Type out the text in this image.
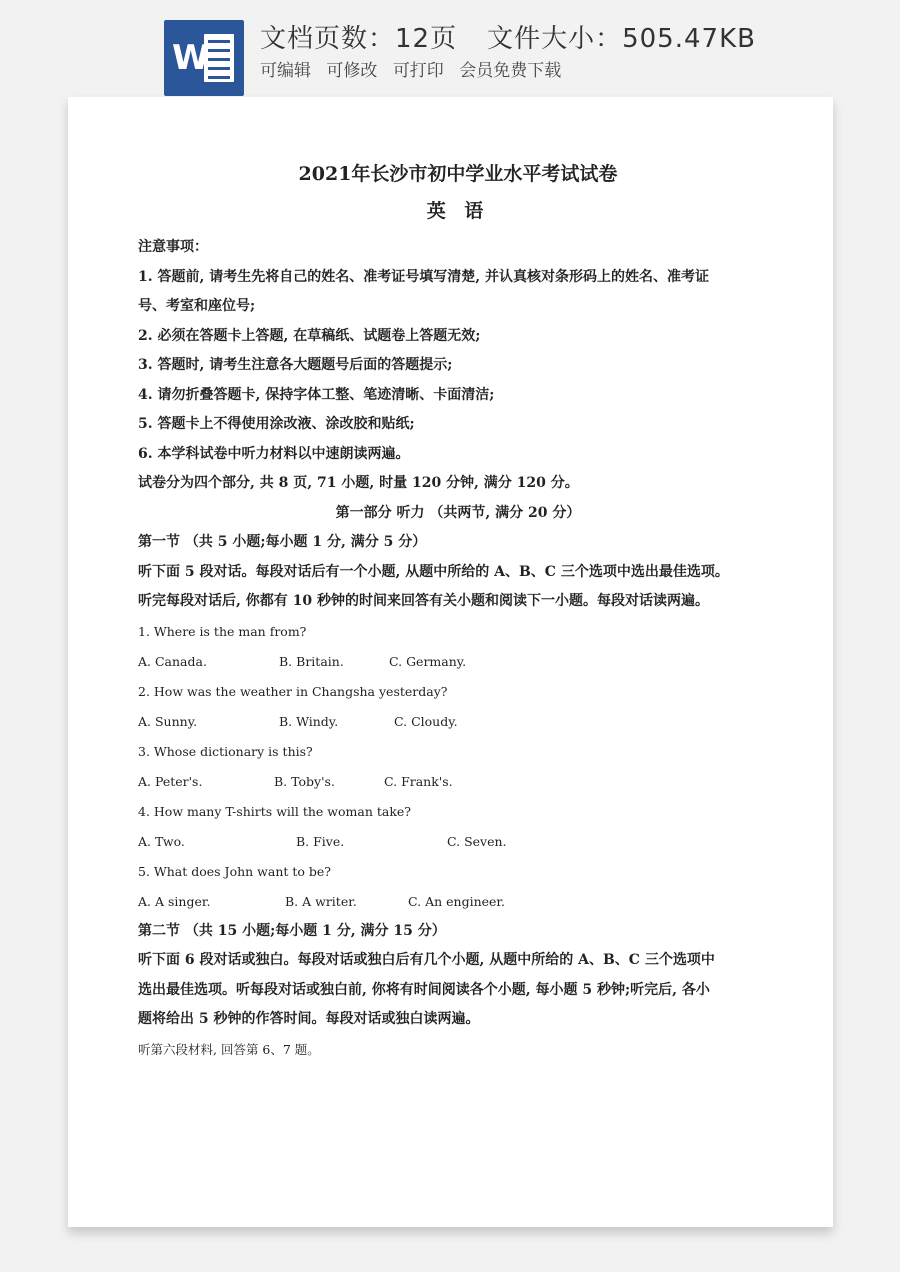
W 文档页数：12页 文件大小：505.47KB
可编辑 可修改 可打印 会员免费下载
2021年长沙市初中学业水平考试试卷
英 语
注意事项：
1. 答题前, 请考生先将自己的姓名、准考证号填写清楚, 并认真核对条形码上的姓名、准考证
号、考室和座位号;
2. 必须在答题卡上答题, 在草稿纸、试题卷上答题无效;
3. 答题时, 请考生注意各大题题号后面的答题提示;
4. 请勿折叠答题卡, 保持字体工整、笔迹清晰、卡面清洁;
5. 答题卡上不得使用涂改液、涂改胶和贴纸;
6. 本学科试卷中听力材料以中速朗读两遍。
试卷分为四个部分, 共 8 页, 71 小题, 时量 120 分钟, 满分 120 分。
第一部分 听力 （共两节, 满分 20 分）
第一节 （共 5 小题;每小题 1 分, 满分 5 分）
听下面 5 段对话。每段对话后有一个小题, 从题中所给的 A、B、C 三个选项中选出最佳选项。
听完每段对话后, 你都有 10 秒钟的时间来回答有关小题和阅读下一小题。每段对话读两遍。
1. Where is the man from?
A. Canada.	B. Britain.	C. Germany.
2. How was the weather in Changsha yesterday?
A. Sunny.	B. Windy.	C. Cloudy.
3. Whose dictionary is this?
A. Peter's.	B. Toby's.	C. Frank's.
4. How many T-shirts will the woman take?
A. Two.	B. Five.	C. Seven.
5. What does John want to be?
A. A singer.	B. A writer.	C. An engineer.
第二节 （共 15 小题;每小题 1 分, 满分 15 分）
听下面 6 段对话或独白。每段对话或独白后有几个小题, 从题中所给的 A、B、C 三个选项中
选出最佳选项。听每段对话或独白前, 你将有时间阅读各个小题, 每小题 5 秒钟;听完后, 各小
题将给出 5 秒钟的作答时间。每段对话或独白读两遍。
听第六段材料, 回答第 6、7 题。
